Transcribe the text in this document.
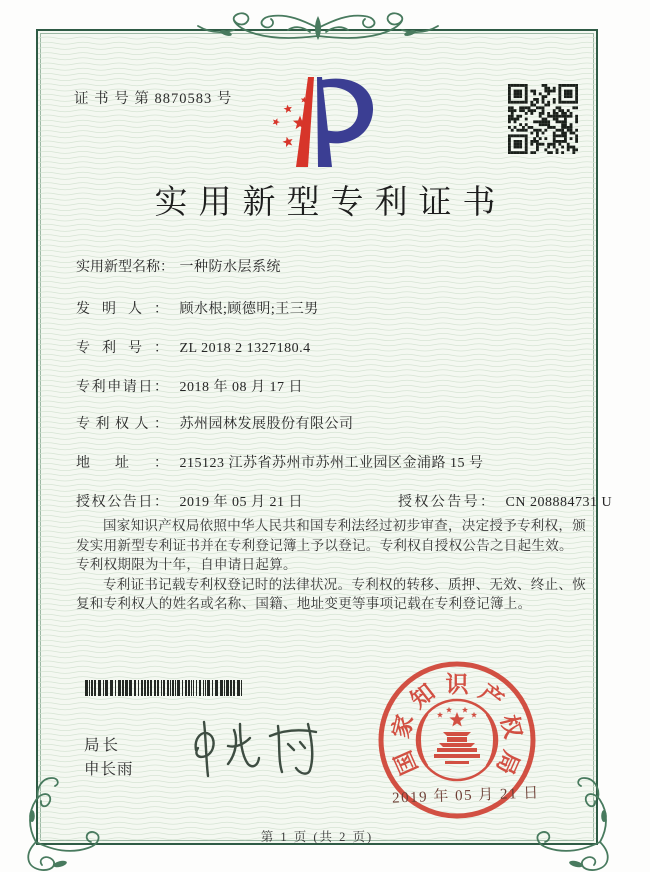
证 书 号 第 8870583 号
实用新型专利证书
实用新型名称： 一种防水层系统
发明人： 顾水根;顾德明;王三男
专利号： ZL 2018 2 1327180.4
专利申请日： 2018 年 08 月 17 日
专利权人： 苏州园林发展股份有限公司
地址： 215123 江苏省苏州市苏州工业园区金浦路 15 号
授权公告日： 2019 年 05 月 21 日	授权公告号： CN 208884731 U

国家知识产权局依照中华人民共和国专利法经过初步审查，决定授予专利权，颁发实用新型专利证书并在专利登记簿上予以登记。专利权自授权公告之日起生效。专利权期限为十年，自申请日起算。

专利证书记载专利权登记时的法律状况。专利权的转移、质押、无效、终止、恢复和专利权人的姓名或名称、国籍、地址变更等事项记载在专利登记簿上。

局长
申长雨	国
家
知 识 产
权
局
2019 年 05 月 21 日
第 1 页 (共 2 页)
